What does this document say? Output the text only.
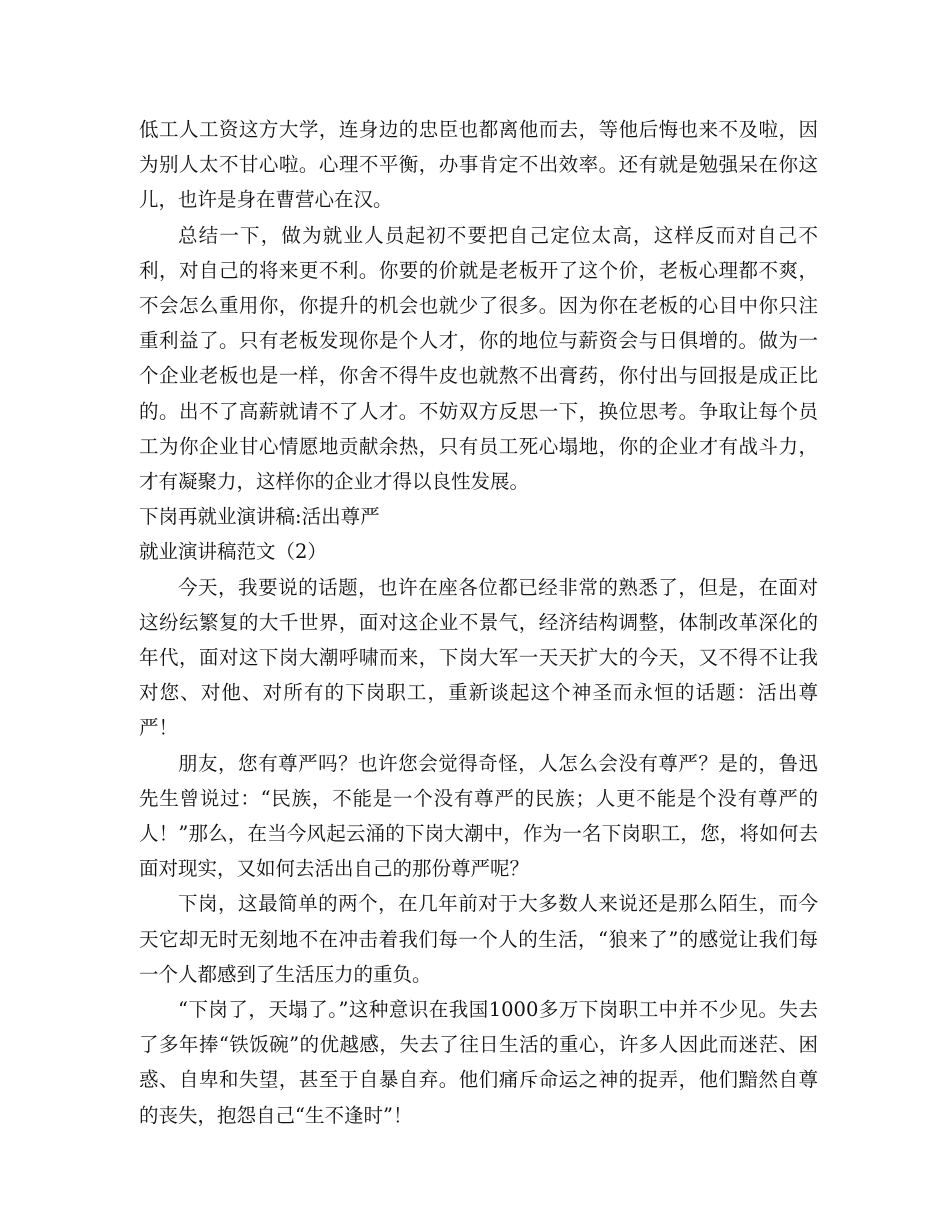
低工人工资这方大学，连身边的忠臣也都离他而去，等他后悔也来不及啦，因为别人太不甘心啦。心理不平衡，办事肯定不出效率。还有就是勉强呆在你这儿，也许是身在曹营心在汉。

总结一下，做为就业人员起初不要把自己定位太高，这样反而对自己不利，对自己的将来更不利。你要的价就是老板开了这个价，老板心理都不爽，不会怎么重用你，你提升的机会也就少了很多。因为你在老板的心目中你只注重利益了。只有老板发现你是个人才，你的地位与薪资会与日俱增的。做为一个企业老板也是一样，你舍不得牛皮也就熬不出膏药，你付出与回报是成正比的。出不了高薪就请不了人才。不妨双方反思一下，换位思考。争取让每个员工为你企业甘心情愿地贡献余热，只有员工死心塌地，你的企业才有战斗力，才有凝聚力，这样你的企业才得以良性发展。

下岗再就业演讲稿:活出尊严

就业演讲稿范文（2）

今天，我要说的话题，也许在座各位都已经非常的熟悉了，但是，在面对这纷纭繁复的大千世界，面对这企业不景气，经济结构调整，体制改革深化的年代，面对这下岗大潮呼啸而来，下岗大军一天天扩大的今天，又不得不让我对您、对他、对所有的下岗职工，重新谈起这个神圣而永恒的话题：活出尊严！

朋友，您有尊严吗？也许您会觉得奇怪，人怎么会没有尊严？是的，鲁迅先生曾说过：“民族，不能是一个没有尊严的民族；人更不能是个没有尊严的人！”那么，在当今风起云涌的下岗大潮中，作为一名下岗职工，您，将如何去面对现实，又如何去活出自己的那份尊严呢？

下岗，这最简单的两个，在几年前对于大多数人来说还是那么陌生，而今天它却无时无刻地不在冲击着我们每一个人的生活，“狼来了”的感觉让我们每一个人都感到了生活压力的重负。

“下岗了，天塌了。”这种意识在我国1000多万下岗职工中并不少见。失去了多年捧“铁饭碗”的优越感，失去了往日生活的重心，许多人因此而迷茫、困惑、自卑和失望，甚至于自暴自弃。他们痛斥命运之神的捉弄，他们黯然自尊的丧失，抱怨自己“生不逢时”！
